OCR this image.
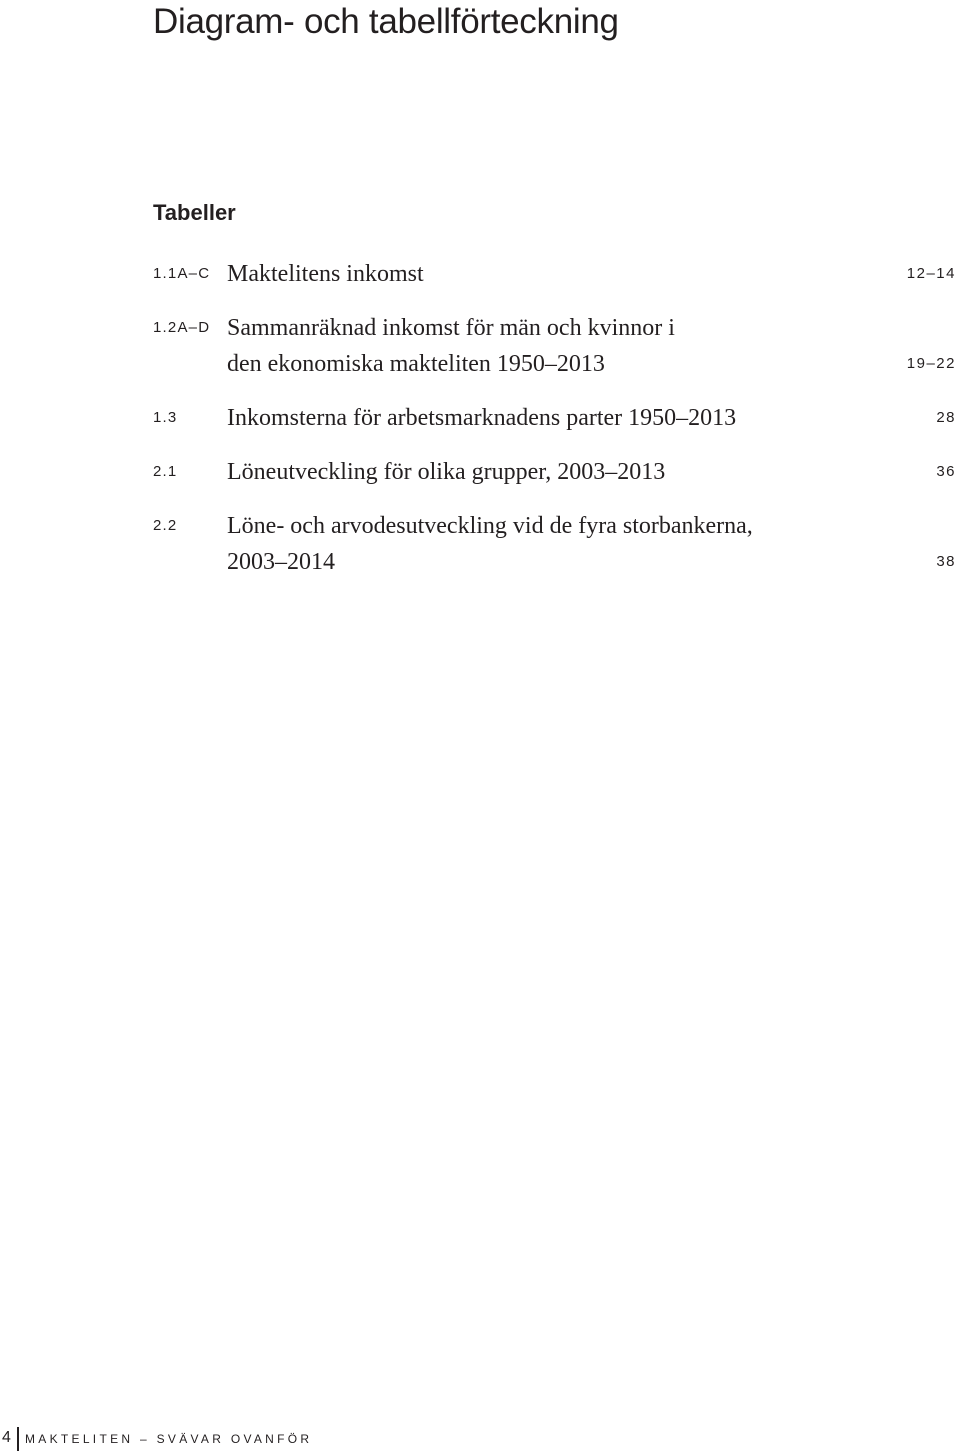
Diagram- och tabellförteckning
Tabeller
1.1A–C Maktelitens inkomst	12–14
1.2A–D Sammanräknad inkomst för män och kvinnor i
den ekonomiska makteliten 1950–2013	19–22
1.3 Inkomsterna för arbetsmarknadens parter 1950–2013	28
2.1 Löneutveckling för olika grupper, 2003–2013	36
2.2 Löne- och arvodesutveckling vid de fyra storbankerna,
2003–2014	38
4 MAKTELITEN – SVÄVAR OVANFÖR
